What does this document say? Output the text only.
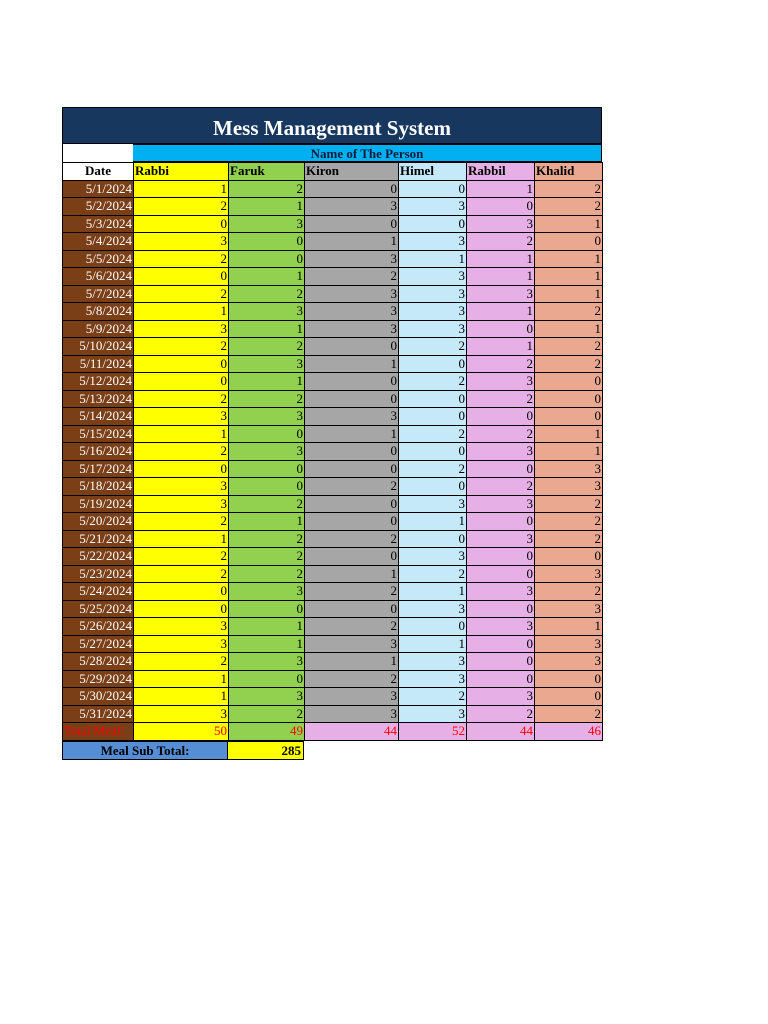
Mess Management System
Name of The Person
Date	Rabbi	Faruk	Kiron	Himel	Rabbil	Khalid
5/1/2024	1	2	0	0	1	2
5/2/2024	2	1	3	3	0	2
5/3/2024	0	3	0	0	3	1
5/4/2024	3	0	1	3	2	0
5/5/2024	2	0	3	1	1	1
5/6/2024	0	1	2	3	1	1
5/7/2024	2	2	3	3	3	1
5/8/2024	1	3	3	3	1	2
5/9/2024	3	1	3	3	0	1
5/10/2024	2	2	0	2	1	2
5/11/2024	0	3	1	0	2	2
5/12/2024	0	1	0	2	3	0
5/13/2024	2	2	0	0	2	0
5/14/2024	3	3	3	0	0	0
5/15/2024	1	0	1	2	2	1
5/16/2024	2	3	0	0	3	1
5/17/2024	0	0	0	2	0	3
5/18/2024	3	0	2	0	2	3
5/19/2024	3	2	0	3	3	2
5/20/2024	2	1	0	1	0	2
5/21/2024	1	2	2	0	3	2
5/22/2024	2	2	0	3	0	0
5/23/2024	2	2	1	2	0	3
5/24/2024	0	3	2	1	3	2
5/25/2024	0	0	0	3	0	3
5/26/2024	3	1	2	0	3	1
5/27/2024	3	1	3	1	0	3
5/28/2024	2	3	1	3	0	3
5/29/2024	1	0	2	3	0	0
5/30/2024	1	3	3	2	3	0
5/31/2024	3	2	3	3	2	2
Total Meal:	50	49	44	52	44	46
Meal Sub Total:	285
